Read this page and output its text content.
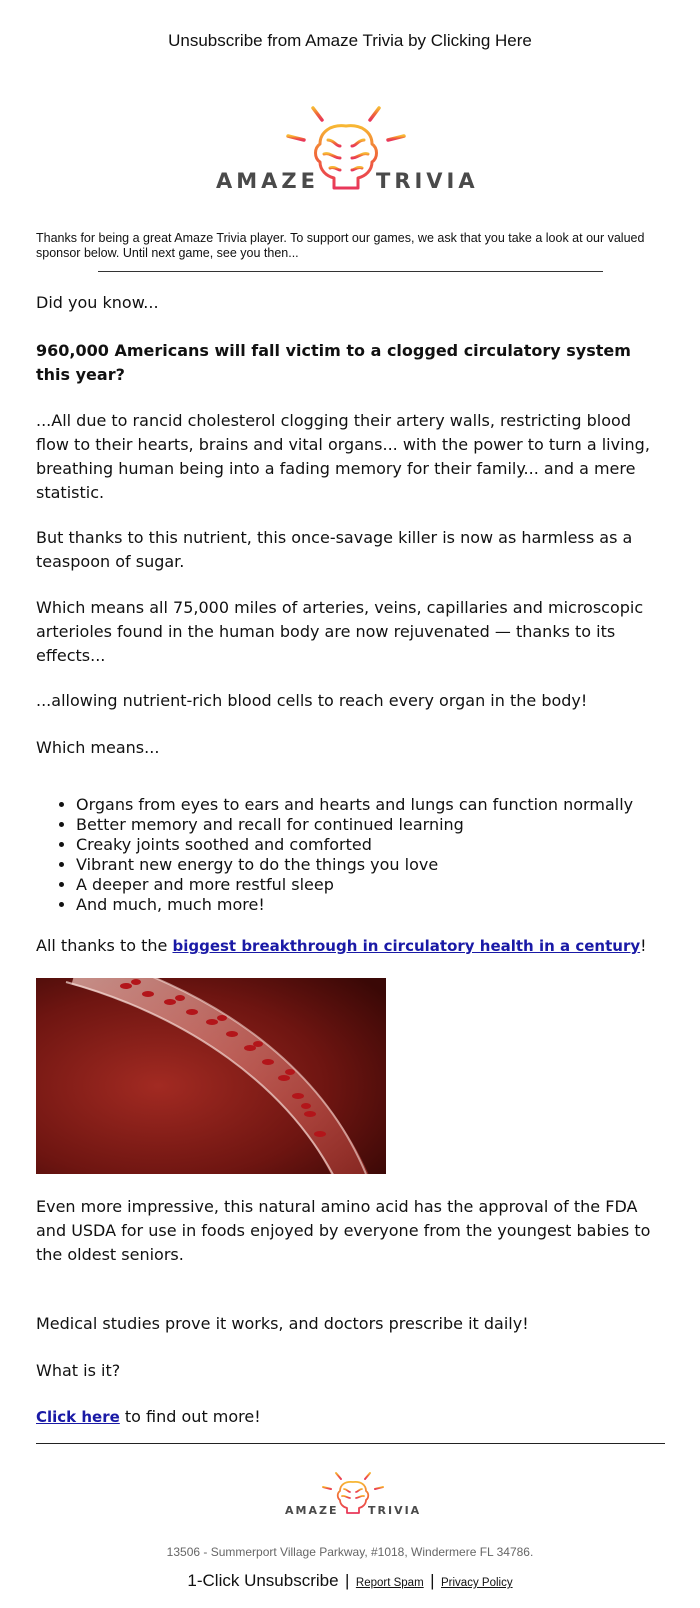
Unsubscribe from Amaze Trivia by Clicking Here
AMAZE	TRIVIA
Thanks for being a great Amaze Trivia player. To support our games, we ask that you take a look at our valued sponsor below. Until next game, see you then...

Did you know...

960,000 Americans will fall victim to a clogged circulatory system this year?

...All due to rancid cholesterol clogging their artery walls, restricting blood flow to their hearts, brains and vital organs... with the power to turn a living, breathing human being into a fading memory for their family... and a mere statistic.

But thanks to this nutrient, this once-savage killer is now as harmless as a teaspoon of sugar.

Which means all 75,000 miles of arteries, veins, capillaries and microscopic arterioles found in the human body are now rejuvenated — thanks to its effects...

...allowing nutrient-rich blood cells to reach every organ in the body!

Which means...

• Organs from eyes to ears and hearts and lungs can function normally
• Better memory and recall for continued learning
• Creaky joints soothed and comforted
• Vibrant new energy to do the things you love
• A deeper and more restful sleep
• And much, much more!

All thanks to the biggest breakthrough in circulatory health in a century!

Even more impressive, this natural amino acid has the approval of the FDA and USDA for use in foods enjoyed by everyone from the youngest babies to the oldest seniors.

Medical studies prove it works, and doctors prescribe it daily!

What is it?

Click here to find out more!

AMAZE	TRIVIA
13506 - Summerport Village Parkway, #1018, Windermere FL 34786.
1-Click Unsubscribe | Report Spam | Privacy Policy
